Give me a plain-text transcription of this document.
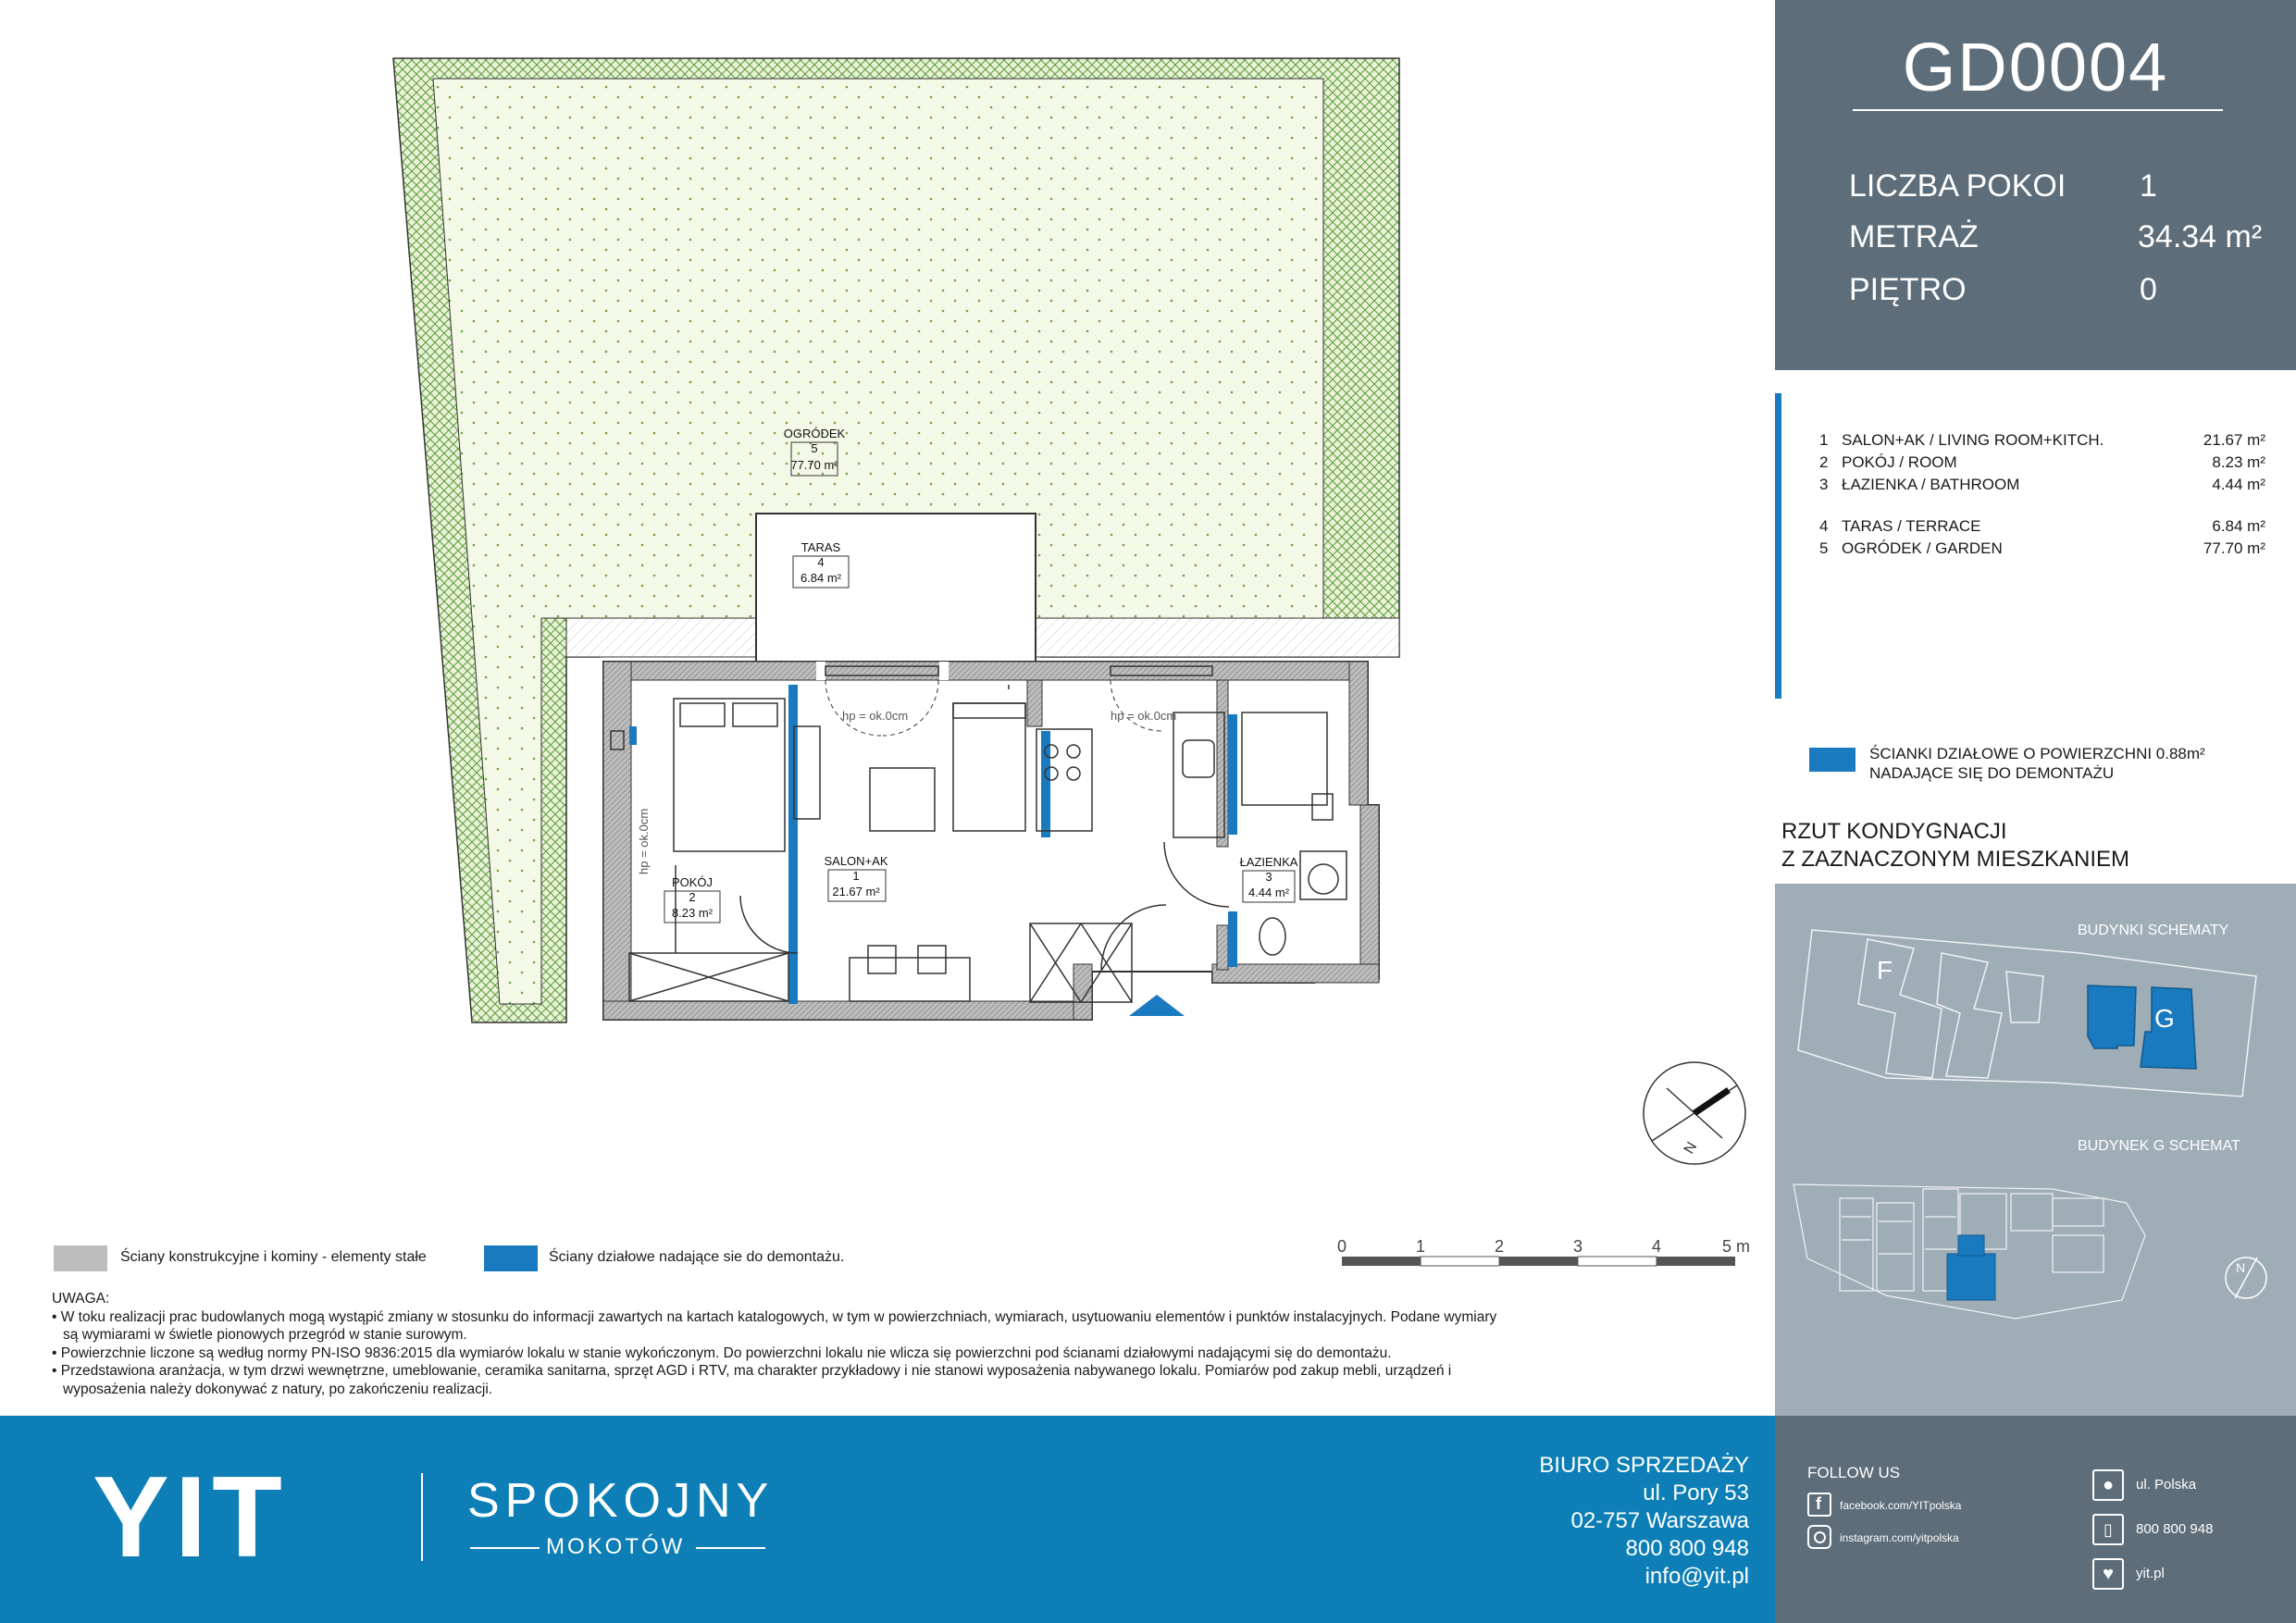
GD0004
LICZBA POKOI 1
METRAŻ	34.34 m²
PIĘTRO	0
1 SALON+AK / LIVING ROOM+KITCH.	21.67 m²
2 POKÓJ / ROOM	8.23 m²
3 ŁAZIENKA / BATHROOM	4.44 m²
4 TARAS / TERRACE	6.84 m²
5 OGRÓDEK / GARDEN	77.70 m²
ŚCIANKI DZIAŁOWE O POWIERZCHNI 0.88m² NADAJĄCE SIĘ DO DEMONTAŻU
RZUT KONDYGNACJI
Z ZAZNACZONYM MIESZKANIEM
BUDYNKI SCHEMATY
F
G
N
BUDYNEK G SCHEMAT
hp = ok.0cm	hp = ok.0cm
hp = ok.0cm
OGRÓDEK
5
77.70 m²
TARAS
4
6.84 m²
SALON+AK
1
21.67 m²
POKÓJ
2
8.23 m²
ŁAZIENKA
3
4.44 m²
N
0	1	2	3	4	5 m
Ściany konstrukcyjne i kominy - elementy stałe	Ściany działowe nadające sie do demontażu.
UWAGA:
• W toku realizacji prac budowlanych mogą wystąpić zmiany w stosunku do informacji zawartych na kartach katalogowych, w tym w powierzchniach, wymiarach, usytuowaniu elementów i punktów instalacyjnych. Podane wymiary
są wymiarami w świetle pionowych przegród w stanie surowym.
• Powierzchnie liczone są według normy PN-ISO 9836:2015 dla wymiarów lokalu w stanie wykończonym. Do powierzchni lokalu nie wlicza się powierzchni pod ścianami działowymi nadającymi się do demontażu.
• Przedstawiona aranżacja, w tym drzwi wewnętrzne, umeblowanie, ceramika sanitarna, sprzęt AGD i RTV, ma charakter przykładowy i nie stanowi wyposażenia nabywanego lokalu. Pomiarów pod zakup mebli, urządzeń i
wyposażenia należy dokonywać z natury, po zakończeniu realizacji.
YIT	SPOKOJNY
MOKOTÓW
BIURO SPRZEDAŻY
ul. Pory 53
02-757 Warszawa
800 800 948
info@yit.pl
FOLLOW US
f facebook.com/YITpolska
instagram.com/yitpolska
●	ul. Polska
▯	800 800 948
♥	yit.pl
